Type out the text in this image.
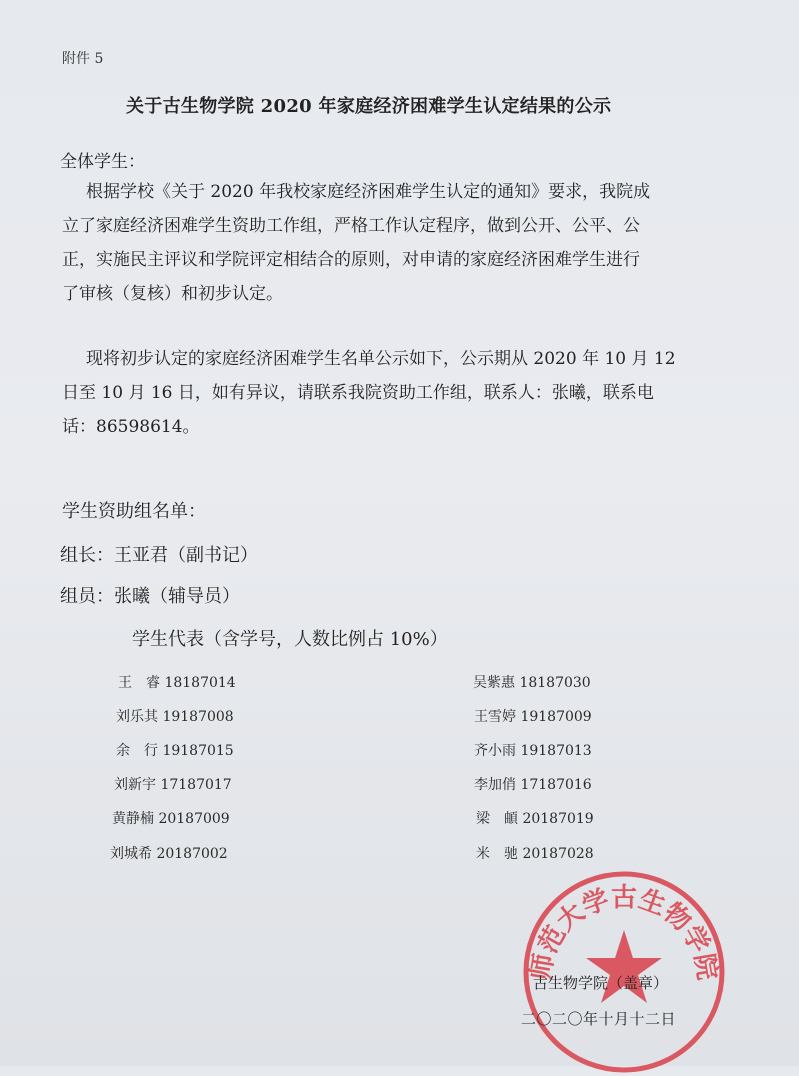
附件 5
关于古生物学院 2020 年家庭经济困难学生认定结果的公示
全体学生：
根据学校《关于 2020 年我校家庭经济困难学生认定的通知》要求，我院成
立了家庭经济困难学生资助工作组，严格工作认定程序，做到公开、公平、公
正，实施民主评议和学院评定相结合的原则，对申请的家庭经济困难学生进行
了审核（复核）和初步认定。
现将初步认定的家庭经济困难学生名单公示如下，公示期从 2020 年 10 月 12
日至 10 月 16 日，如有异议，请联系我院资助工作组，联系人：张曦，联系电
话：86598614。
学生资助组名单：
组长：王亚君（副书记）
组员：张曦（辅导员）
学生代表（含学号，人数比例占 10%）
王　睿 18187014
刘乐其 19187008
余　行 19187015
刘新宇 17187017
黄静楠 20187009
刘城希 20187002
吴紫惠 18187030
王雪婷 19187009
齐小雨 19187013
李加俏 17187016
梁　頔 20187019
米　驰 20187028
师范大学古生物学院
古生物学院（盖章）
二〇二〇年十月十二日
